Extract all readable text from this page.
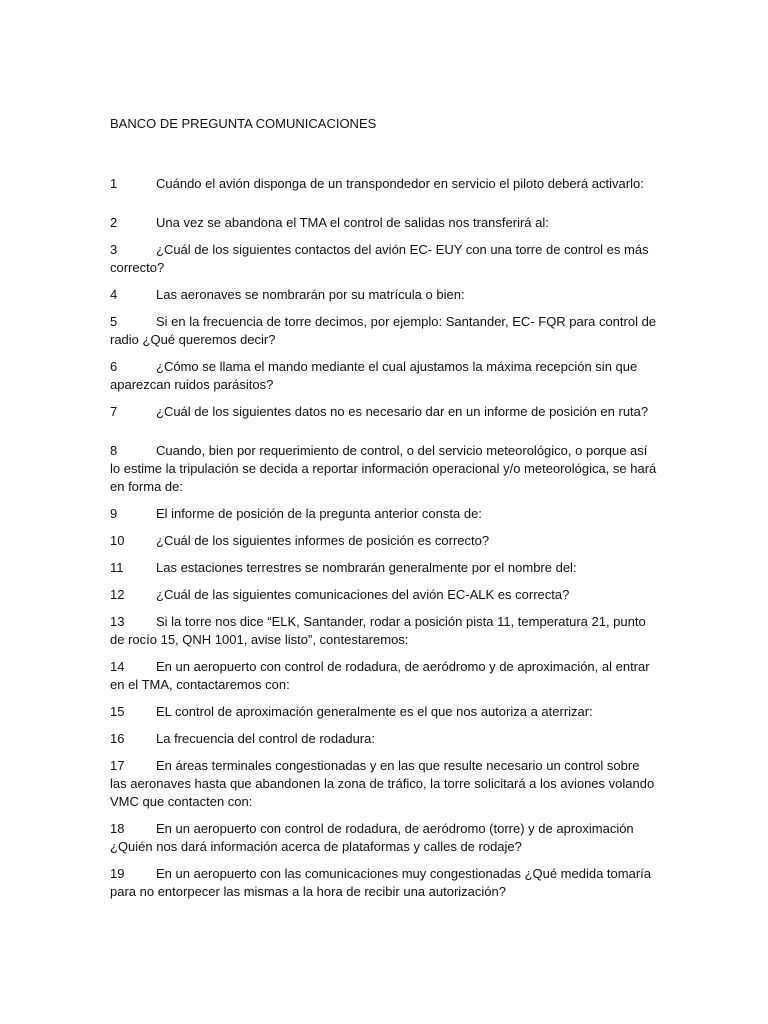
BANCO DE PREGUNTA COMUNICACIONES
1	Cuándo el avión disponga de un transpondedor en servicio el piloto deberá activarlo:
2	Una vez se abandona el TMA el control de salidas nos transferirá al:
3	¿Cuál de los siguientes contactos del avión EC- EUY con una torre de control es más correcto?
4	Las aeronaves se nombrarán por su matrícula o bien:
5	Si en la frecuencia de torre decimos, por ejemplo: Santander, EC- FQR para control de radio ¿Qué queremos decir?
6	¿Cómo se llama el mando mediante el cual ajustamos la máxima recepción sin que aparezcan ruidos parásitos?
7	¿Cuál de los siguientes datos no es necesario dar en un informe de posición en ruta?
8	Cuando, bien por requerimiento de control, o del servicio meteorológico, o porque así lo estime la tripulación se decida a reportar información operacional y/o meteorológica, se hará en forma de:
9	El informe de posición de la pregunta anterior consta de:
10 ¿Cuál de los siguientes informes de posición es correcto?
11	Las estaciones terrestres se nombrarán generalmente por el nombre del:
12 ¿Cuál de las siguientes comunicaciones del avión EC-ALK es correcta?
13 Si la torre nos dice “ELK, Santander, rodar a posición pista 11, temperatura 21, punto de rocío 15, QNH 1001, avise listo”, contestaremos:
14 En un aeropuerto con control de rodadura, de aeródromo y de aproximación, al entrar en el TMA, contactaremos con:
15 EL control de aproximación generalmente es el que nos autoriza a aterrizar:
16 La frecuencia del control de rodadura:
17 En áreas terminales congestionadas y en las que resulte necesario un control sobre las aeronaves hasta que abandonen la zona de tráfico, la torre solicitará a los aviones volando VMC que contacten con:
18 En un aeropuerto con control de rodadura, de aeródromo (torre) y de aproximación ¿Quién nos dará información acerca de plataformas y calles de rodaje?
19 En un aeropuerto con las comunicaciones muy congestionadas ¿Qué medida tomaría para no entorpecer las mismas a la hora de recibir una autorización?
